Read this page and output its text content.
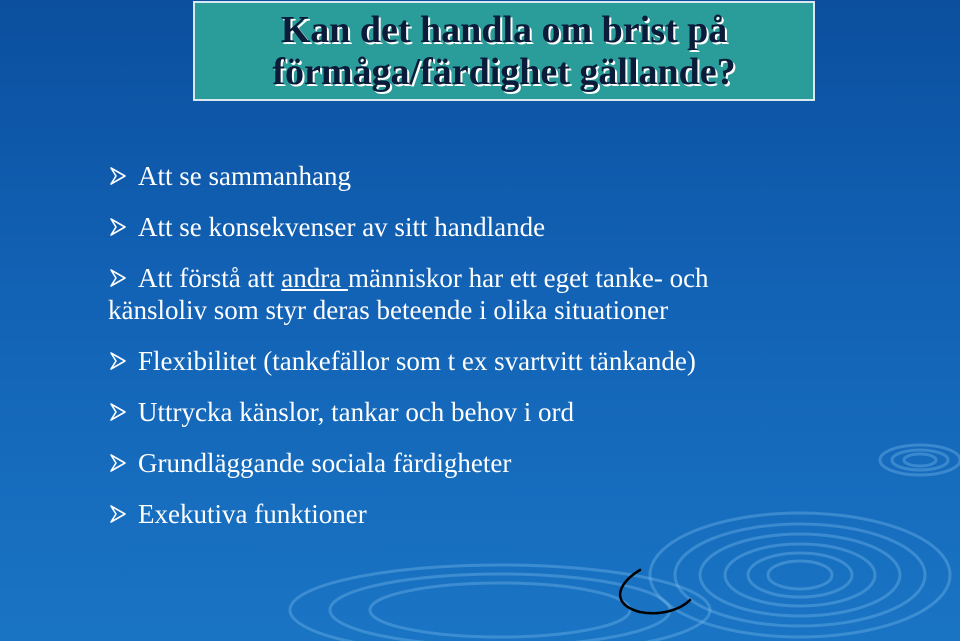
Kan det handla om brist på
förmåga/färdighet gällande?
Att se sammanhang
Att se konsekvenser av sitt handlande
Att förstå att andra människor har ett eget tanke- och
känsloliv som styr deras beteende i olika situationer
Flexibilitet (tankefällor som t ex svartvitt tänkande)
Uttrycka känslor, tankar och behov i ord
Grundläggande sociala färdigheter
Exekutiva funktioner
